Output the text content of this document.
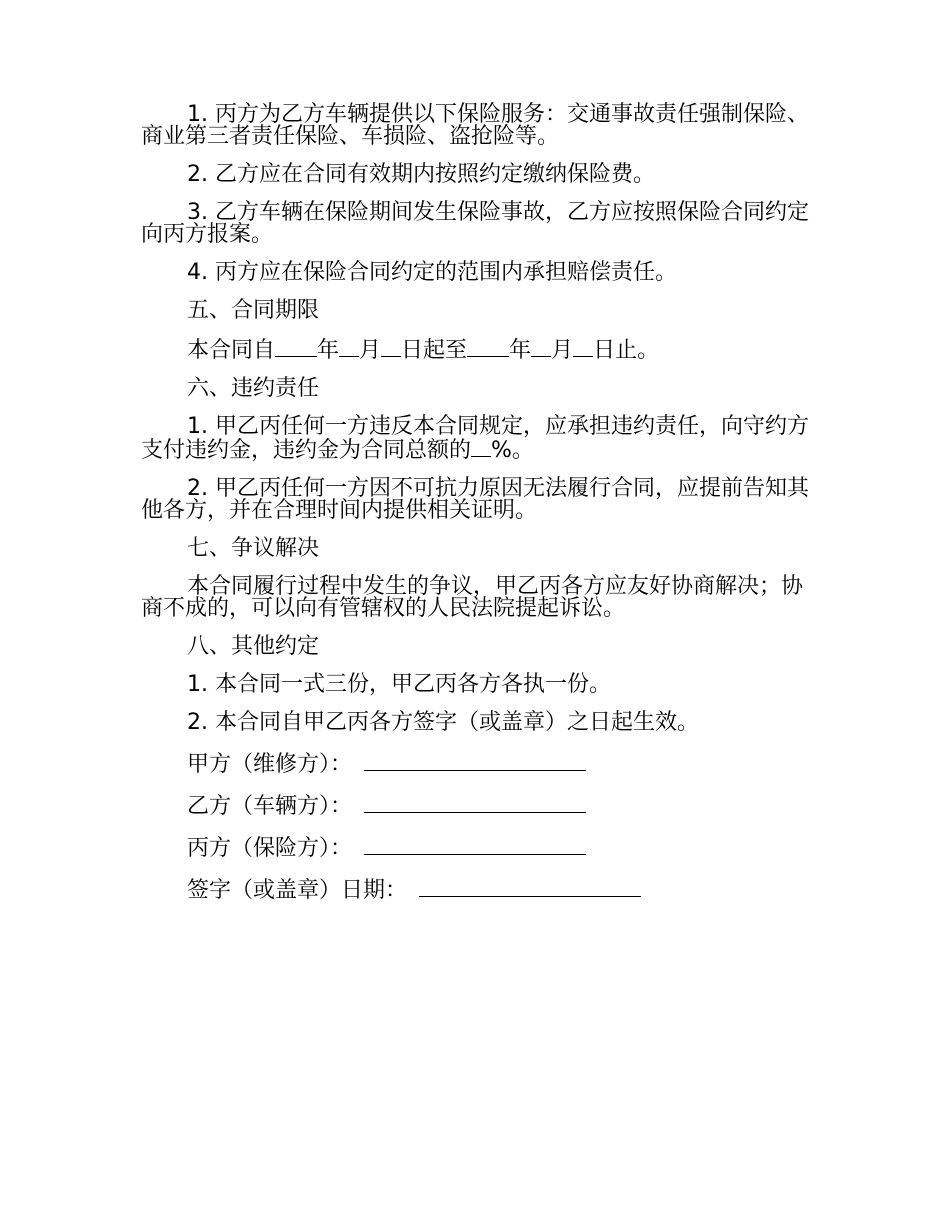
1. 丙方为乙方车辆提供以下保险服务：交通事故责任强制保险、商业第三者责任保险、车损险、盗抢险等。

2. 乙方应在合同有效期内按照约定缴纳保险费。

3. 乙方车辆在保险期间发生保险事故，乙方应按照保险合同约定向丙方报案。

4. 丙方应在保险合同约定的范围内承担赔偿责任。

五、合同期限

本合同自 年 月 日起至 年 月 日止。

六、违约责任

1. 甲乙丙任何一方违反本合同规定，应承担违约责任，向守约方支付违约金，违约金为合同总额的 %。

2. 甲乙丙任何一方因不可抗力原因无法履行合同，应提前告知其他各方，并在合理时间内提供相关证明。

七、争议解决

本合同履行过程中发生的争议，甲乙丙各方应友好协商解决；协商不成的，可以向有管辖权的人民法院提起诉讼。

八、其他约定

1. 本合同一式三份，甲乙丙各方各执一份。

2. 本合同自甲乙丙各方签字（或盖章）之日起生效。

甲方（维修方）：
乙方（车辆方）：
丙方（保险方）：
签字（或盖章）日期：
